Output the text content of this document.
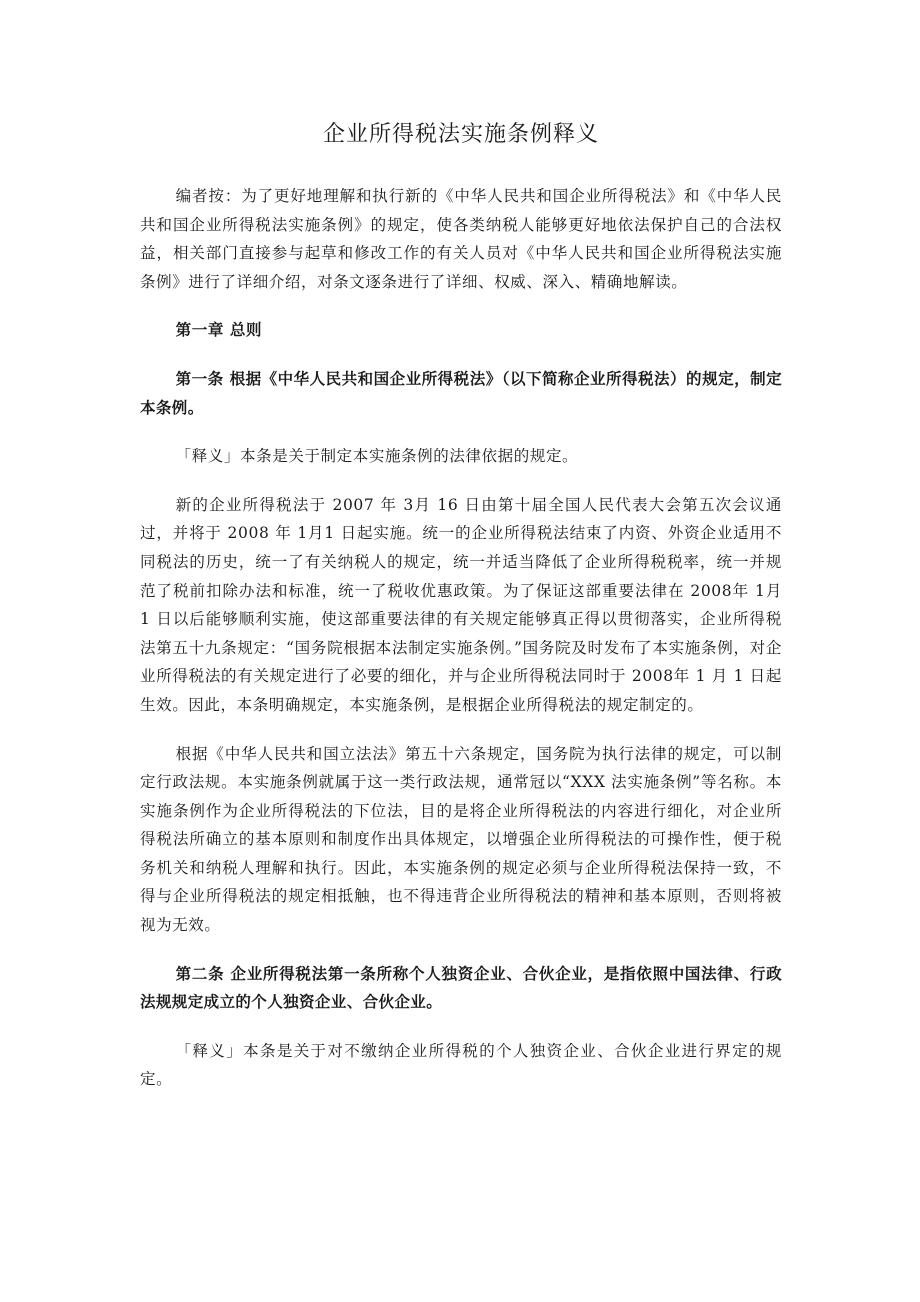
企业所得税法实施条例释义

编者按：为了更好地理解和执行新的《中华人民共和国企业所得税法》和《中华人民共和国企业所得税法实施条例》的规定，使各类纳税人能够更好地依法保护自己的合法权益，相关部门直接参与起草和修改工作的有关人员对《中华人民共和国企业所得税法实施条例》进行了详细介绍，对条文逐条进行了详细、权威、深入、精确地解读。

第一章 总则

第一条 根据《中华人民共和国企业所得税法》（以下简称企业所得税法）的规定，制定本条例。

「释义」本条是关于制定本实施条例的法律依据的规定。

新的企业所得税法于 2007 年 3月 16 日由第十届全国人民代表大会第五次会议通过，并将于 2008 年 1月1 日起实施。统一的企业所得税法结束了内资、外资企业适用不同税法的历史，统一了有关纳税人的规定，统一并适当降低了企业所得税税率，统一并规范了税前扣除办法和标准，统一了税收优惠政策。为了保证这部重要法律在 2008年 1月 1 日以后能够顺利实施，使这部重要法律的有关规定能够真正得以贯彻落实，企业所得税法第五十九条规定：“国务院根据本法制定实施条例。”国务院及时发布了本实施条例，对企业所得税法的有关规定进行了必要的细化，并与企业所得税法同时于 2008年 1 月 1 日起生效。因此，本条明确规定，本实施条例，是根据企业所得税法的规定制定的。

根据《中华人民共和国立法法》第五十六条规定，国务院为执行法律的规定，可以制定行政法规。本实施条例就属于这一类行政法规，通常冠以“XXX 法实施条例”等名称。本实施条例作为企业所得税法的下位法，目的是将企业所得税法的内容进行细化，对企业所得税法所确立的基本原则和制度作出具体规定，以增强企业所得税法的可操作性，便于税务机关和纳税人理解和执行。因此，本实施条例的规定必须与企业所得税法保持一致，不得与企业所得税法的规定相抵触，也不得违背企业所得税法的精神和基本原则，否则将被视为无效。

第二条 企业所得税法第一条所称个人独资企业、合伙企业，是指依照中国法律、行政法规规定成立的个人独资企业、合伙企业。

「释义」本条是关于对不缴纳企业所得税的个人独资企业、合伙企业进行界定的规定。
